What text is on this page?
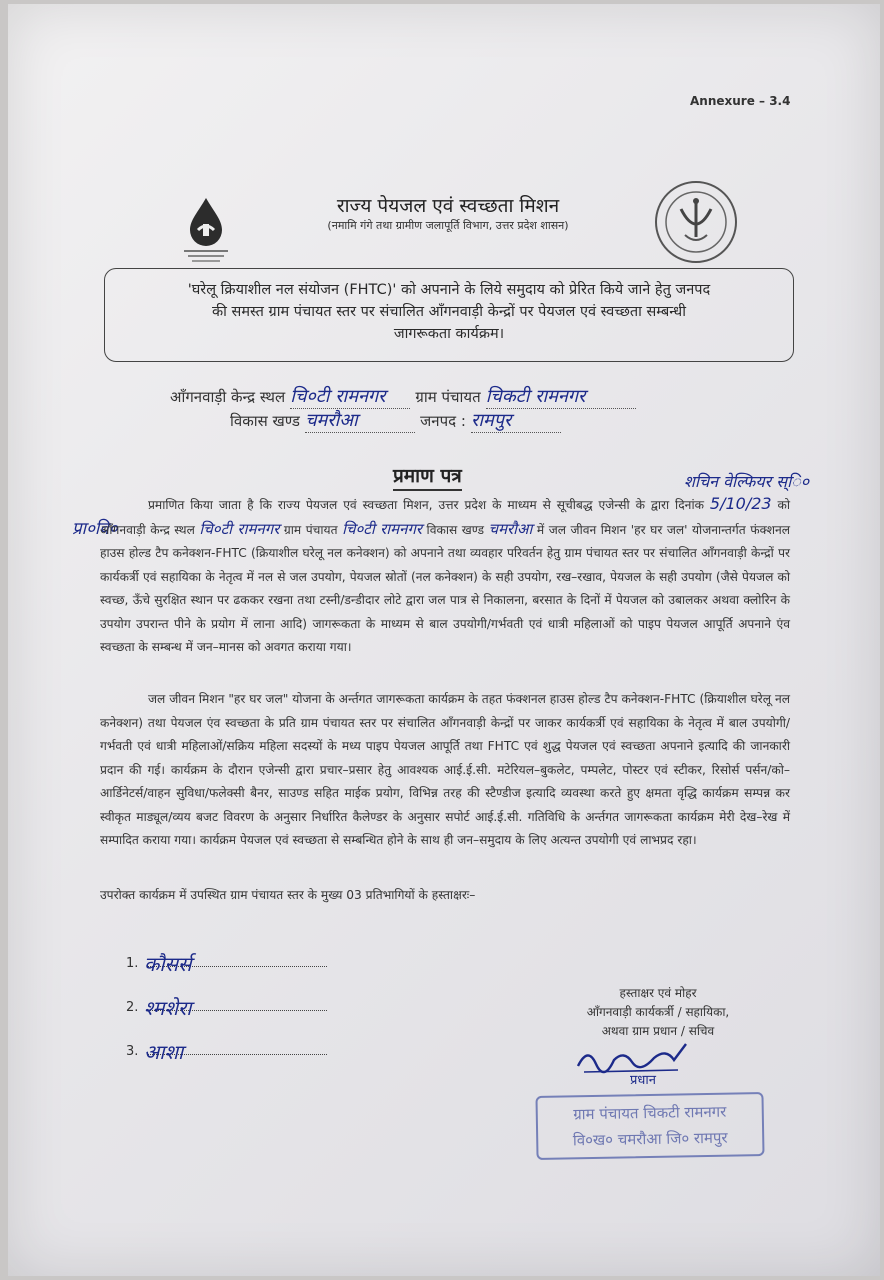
Annexure – 3.4
राज्य पेयजल एवं स्वच्छता मिशन
(नमामि गंगे तथा ग्रामीण जलापूर्ति विभाग, उत्तर प्रदेश शासन)
'घरेलू क्रियाशील नल संयोजन (FHTC)' को अपनाने के लिये समुदाय को प्रेरित किये जाने हेतु जनपद
की समस्त ग्राम पंचायत स्तर पर संचालित आँगनवाड़ी केन्द्रों पर पेयजल एवं स्वच्छता सम्बन्धी
जागरूकता कार्यक्रम।
आँगनवाड़ी केन्द्र स्थल चि०टी रामनगर ग्राम पंचायत चिकटी रामनगर
विकास खण्ड चमरौआ	जनपद : रामपुर
प्रमाण पत्र
प्रा०वि०
शचिन वेल्फियर स्ि०
प्रमाणित किया जाता है कि राज्य पेयजल एवं स्वच्छता मिशन, उत्तर प्रदेश के माध्यम से सूचीबद्ध एजेन्सी के द्वारा दिनांक 5/10/23 को आँगनवाड़ी केन्द्र स्थल चि०टी रामनगर ग्राम पंचायत चि०टी रामनगर विकास खण्ड चमरौआ में जल जीवन मिशन 'हर घर जल' योजनान्तर्गत फंक्शनल हाउस होल्ड टैप कनेक्शन-FHTC (क्रियाशील घरेलू नल कनेक्शन) को अपनाने तथा व्यवहार परिवर्तन हेतु ग्राम पंचायत स्तर पर संचालित आँगनवाड़ी केन्द्रों पर कार्यकर्त्री एवं सहायिका के नेतृत्व में नल से जल उपयोग, पेयजल स्रोतों (नल कनेक्शन) के सही उपयोग, रख–रखाव, पेयजल के सही उपयोग (जैसे पेयजल को स्वच्छ, ऊँचे सुरक्षित स्थान पर ढककर रखना तथा टस्नी/डन्डीदार लोटे द्वारा जल पात्र से निकालना, बरसात के दिनों में पेयजल को उबालकर अथवा क्लोरिन के उपयोग उपरान्त पीने के प्रयोग में लाना आदि) जागरूकता के माध्यम से बाल उपयोगी/गर्भवती एवं धात्री महिलाओं को पाइप पेयजल आपूर्ति अपनाने एंव स्वच्छता के सम्बन्ध में जन–मानस को अवगत कराया गया।
जल जीवन मिशन "हर घर जल" योजना के अर्न्तगत जागरूकता कार्यक्रम के तहत फंक्शनल हाउस होल्ड टैप कनेक्शन-FHTC (क्रियाशील घरेलू नल कनेक्शन) तथा पेयजल एंव स्वच्छता के प्रति ग्राम पंचायत स्तर पर संचालित आँगनवाड़ी केन्द्रों पर जाकर कार्यकर्त्री एवं सहायिका के नेतृत्व में बाल उपयोगी/गर्भवती एवं धात्री महिलाओं/सक्रिय महिला सदस्यों के मध्य पाइप पेयजल आपूर्ति तथा FHTC एवं शुद्ध पेयजल एवं स्वच्छता अपनाने इत्यादि की जानकारी प्रदान की गई। कार्यक्रम के दौरान एजेन्सी द्वारा प्रचार–प्रसार हेतु आवश्यक आई.ई.सी. मटेरियल–बुकलेट, पम्पलेट, पोस्टर एवं स्टीकर, रिसोर्स पर्सन/को–आर्डिनेटर्स/वाहन सुविधा/फलेक्सी बैनर, साउण्ड सहित माईक प्रयोग, विभिन्न तरह की स्टैण्डीज इत्यादि व्यवस्था करते हुए क्षमता वृद्धि कार्यक्रम सम्पन्न कर स्वीकृत माड्यूल/व्यय बजट विवरण के अनुसार निर्धारित कैलेण्डर के अनुसार सपोर्ट आई.ई.सी. गतिविधि के अर्न्तगत जागरूकता कार्यक्रम मेरी देख–रेख में सम्पादित कराया गया। कार्यक्रम पेयजल एवं स्वच्छता से सम्बन्धित होने के साथ ही जन–समुदाय के लिए अत्यन्त उपयोगी एवं लाभप्रद रहा।
उपरोक्त कार्यक्रम में उपस्थित ग्राम पंचायत स्तर के मुख्य 03 प्रतिभागियों के हस्ताक्षरः–
1. कौसर्स
2. श्मशेरा
3. आशा
हस्ताक्षर एवं मोहर
आँगनवाड़ी कार्यकर्त्री / सहायिका,
अथवा ग्राम प्रधान / सचिव
प्रधान
ग्राम पंचायत चिकटी रामनगर
वि०ख० चमरौआ जि० रामपुर
